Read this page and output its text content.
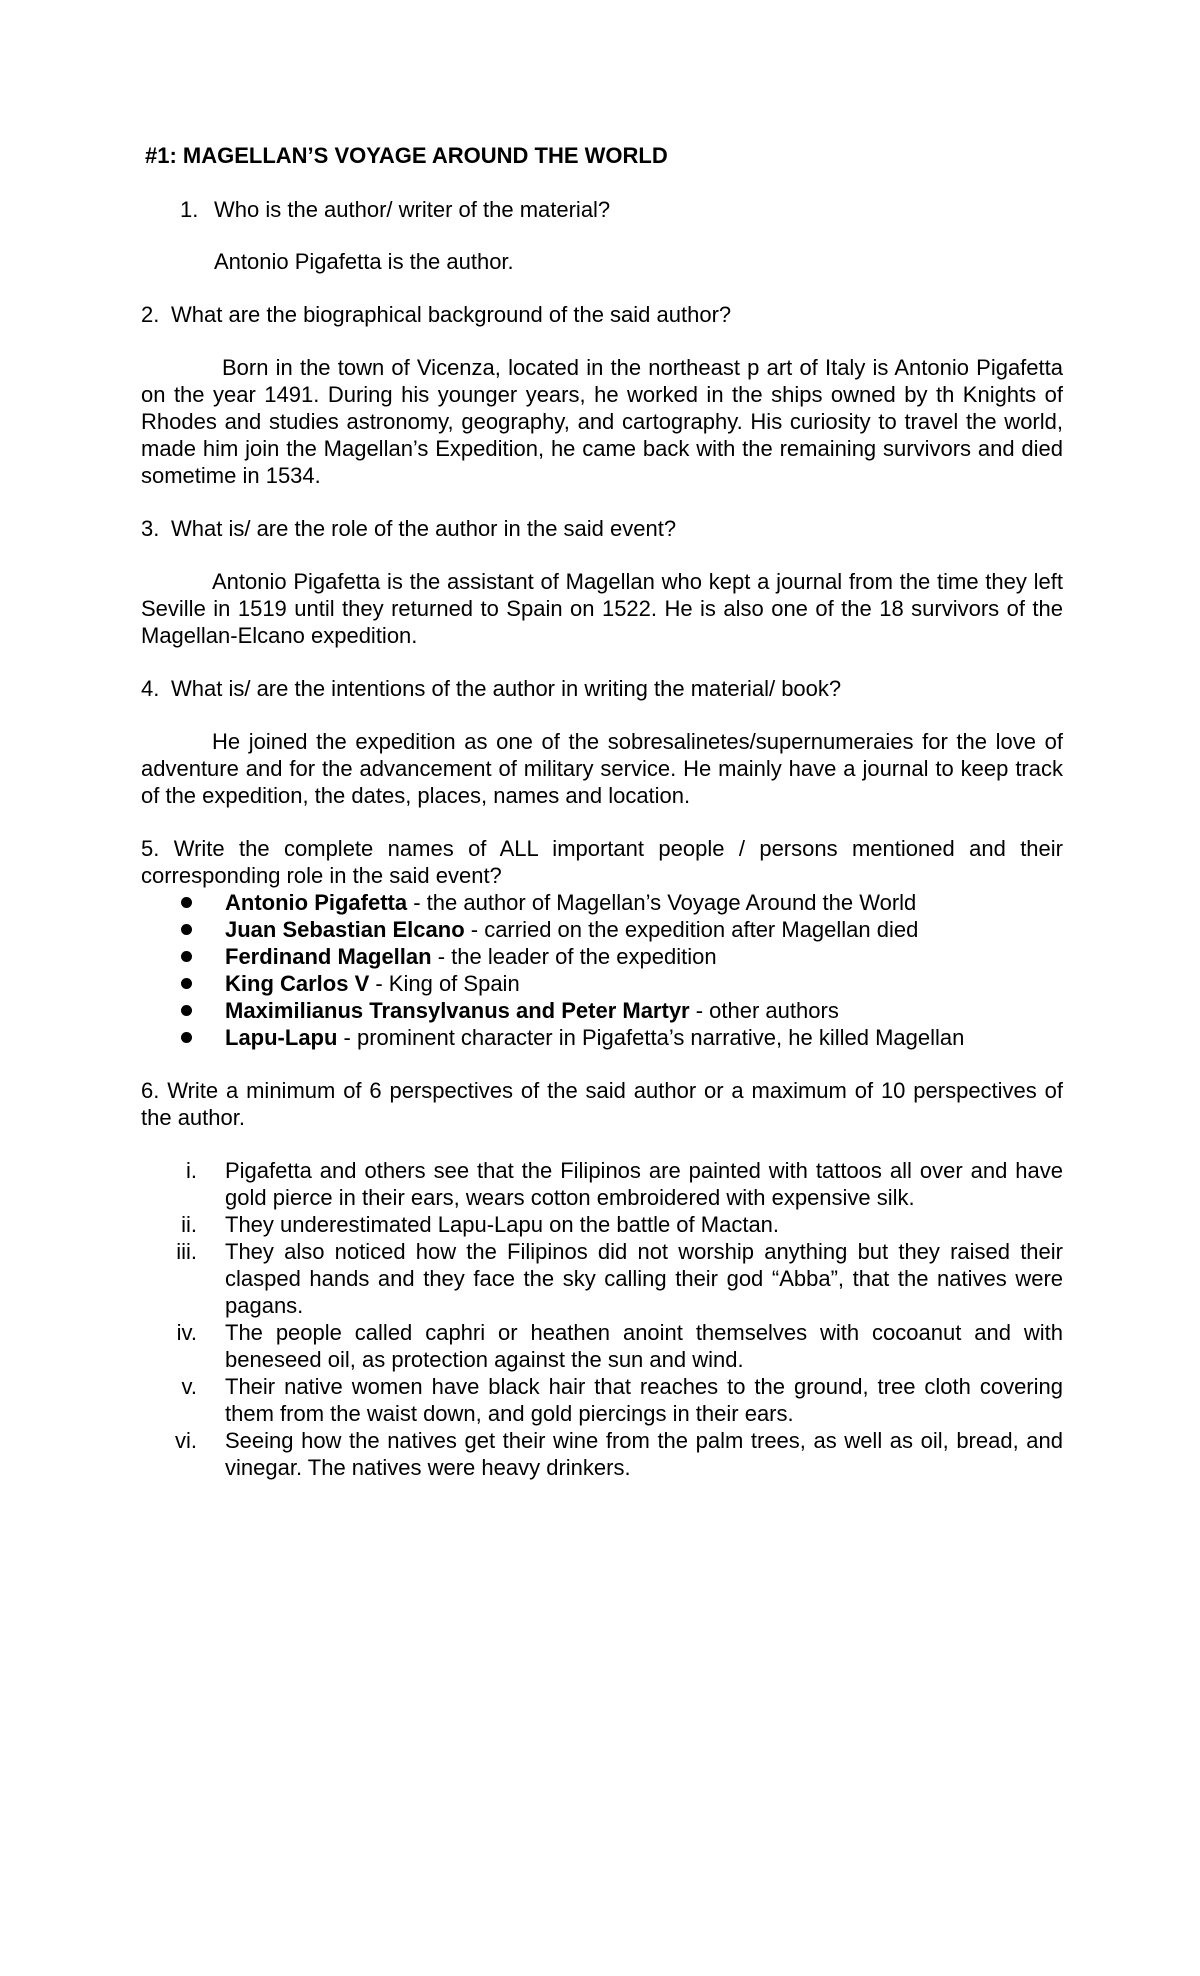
#1: MAGELLAN’S VOYAGE AROUND THE WORLD

1. Who is the author/ writer of the material?

Antonio Pigafetta is the author.

2. What are the biographical background of the said author?

Born in the town of Vicenza, located in the northeast p art of Italy is Antonio Pigafetta on the year 1491. During his younger years, he worked in the ships owned by th Knights of Rhodes and studies astronomy, geography, and cartography. His curiosity to travel the world, made him join the Magellan’s Expedition, he came back with the remaining survivors and died sometime in 1534.

3. What is/ are the role of the author in the said event?

Antonio Pigafetta is the assistant of Magellan who kept a journal from the time they left Seville in 1519 until they returned to Spain on 1522. He is also one of the 18 survivors of the Magellan-Elcano expedition.

4. What is/ are the intentions of the author in writing the material/ book?

He joined the expedition as one of the sobresalinetes/supernumeraies for the love of adventure and for the advancement of military service. He mainly have a journal to keep track of the expedition, the dates, places, names and location.

5. Write the complete names of ALL important people / persons mentioned and their corresponding role in the said event?

Antonio Pigafetta - the author of Magellan’s Voyage Around the World
Juan Sebastian Elcano - carried on the expedition after Magellan died
Ferdinand Magellan - the leader of the expedition
King Carlos V - King of Spain
Maximilianus Transylvanus and Peter Martyr - other authors
Lapu-Lapu - prominent character in Pigafetta’s narrative, he killed Magellan

6. Write a minimum of 6 perspectives of the said author or a maximum of 10 perspectives of the author.

i. Pigafetta and others see that the Filipinos are painted with tattoos all over and have gold pierce in their ears, wears cotton embroidered with expensive silk.
ii. They underestimated Lapu-Lapu on the battle of Mactan.
iii. They also noticed how the Filipinos did not worship anything but they raised their clasped hands and they face the sky calling their god “Abba”, that the natives were pagans.
iv. The people called caphri or heathen anoint themselves with cocoanut and with beneseed oil, as protection against the sun and wind.
v. Their native women have black hair that reaches to the ground, tree cloth covering them from the waist down, and gold piercings in their ears.
vi. Seeing how the natives get their wine from the palm trees, as well as oil, bread, and vinegar. The natives were heavy drinkers.
